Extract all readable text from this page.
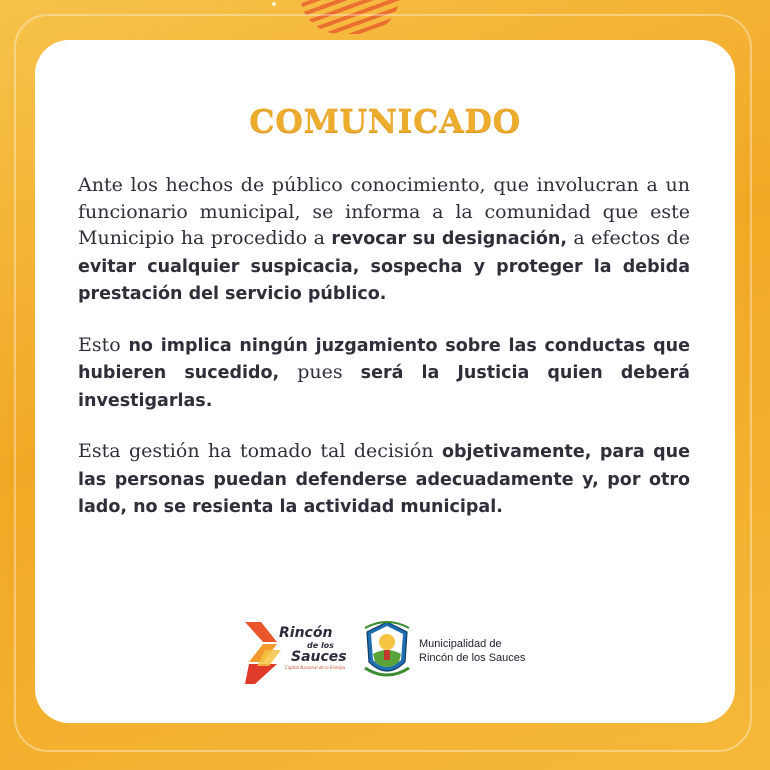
COMUNICADO

Ante los hechos de público conocimiento, que involucran a un funcionario municipal, se informa a la comunidad que este Municipio ha procedido a revocar su designación, a efectos de evitar cualquier suspicacia, sospecha y proteger la debida prestación del servicio público.

Esto no implica ningún juzgamiento sobre las conductas que hubieren sucedido, pues será la Justicia quien deberá investigarlas.

Esta gestión ha tomado tal decisión objetivamente, para que las personas puedan defenderse adecuadamente y, por otro lado, no se resienta la actividad municipal.

Rincón
de los
Sauces
Capital Nacional de la Energía
Municipalidad de
Rincón de los Sauces
